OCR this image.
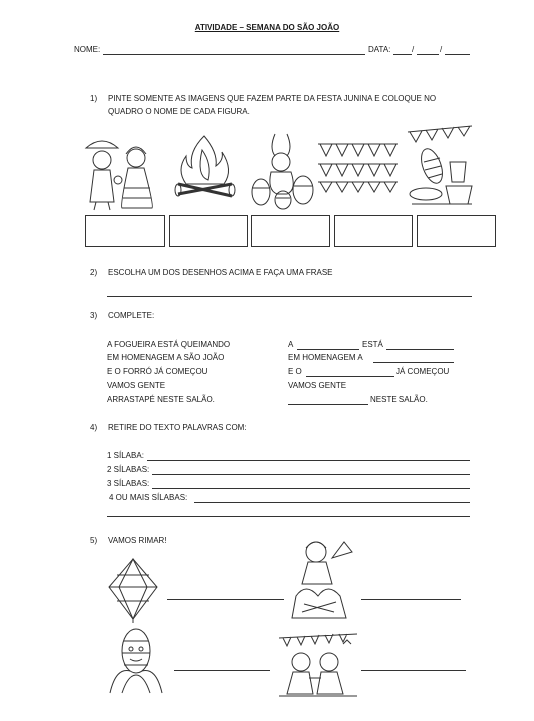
ATIVIDADE – SEMANA DO SÃO JOÃO
NOME:	DATA:	/	/
1) PINTE SOMENTE AS IMAGENS QUE FAZEM PARTE DA FESTA JUNINA E COLOQUE NO
QUADRO O NOME DE CADA FIGURA.
2) ESCOLHA UM DOS DESENHOS ACIMA E FAÇA UMA FRASE
3) COMPLETE:
A FOGUEIRA ESTÁ QUEIMANDO
EM HOMENAGEM A SÃO JOÃO
E O FORRÓ JÁ COMEÇOU
VAMOS GENTE
ARRASTAPÉ NESTE SALÃO.
A	ESTÁ
EM HOMENAGEM A
E O	JÁ COMEÇOU
VAMOS GENTE
NESTE SALÃO.
4) RETIRE DO TEXTO PALAVRAS COM:
1 SÍLABA:
2 SÍLABAS:
3 SÍLABAS:
4 OU MAIS SÍLABAS:
5) VAMOS RIMAR!
